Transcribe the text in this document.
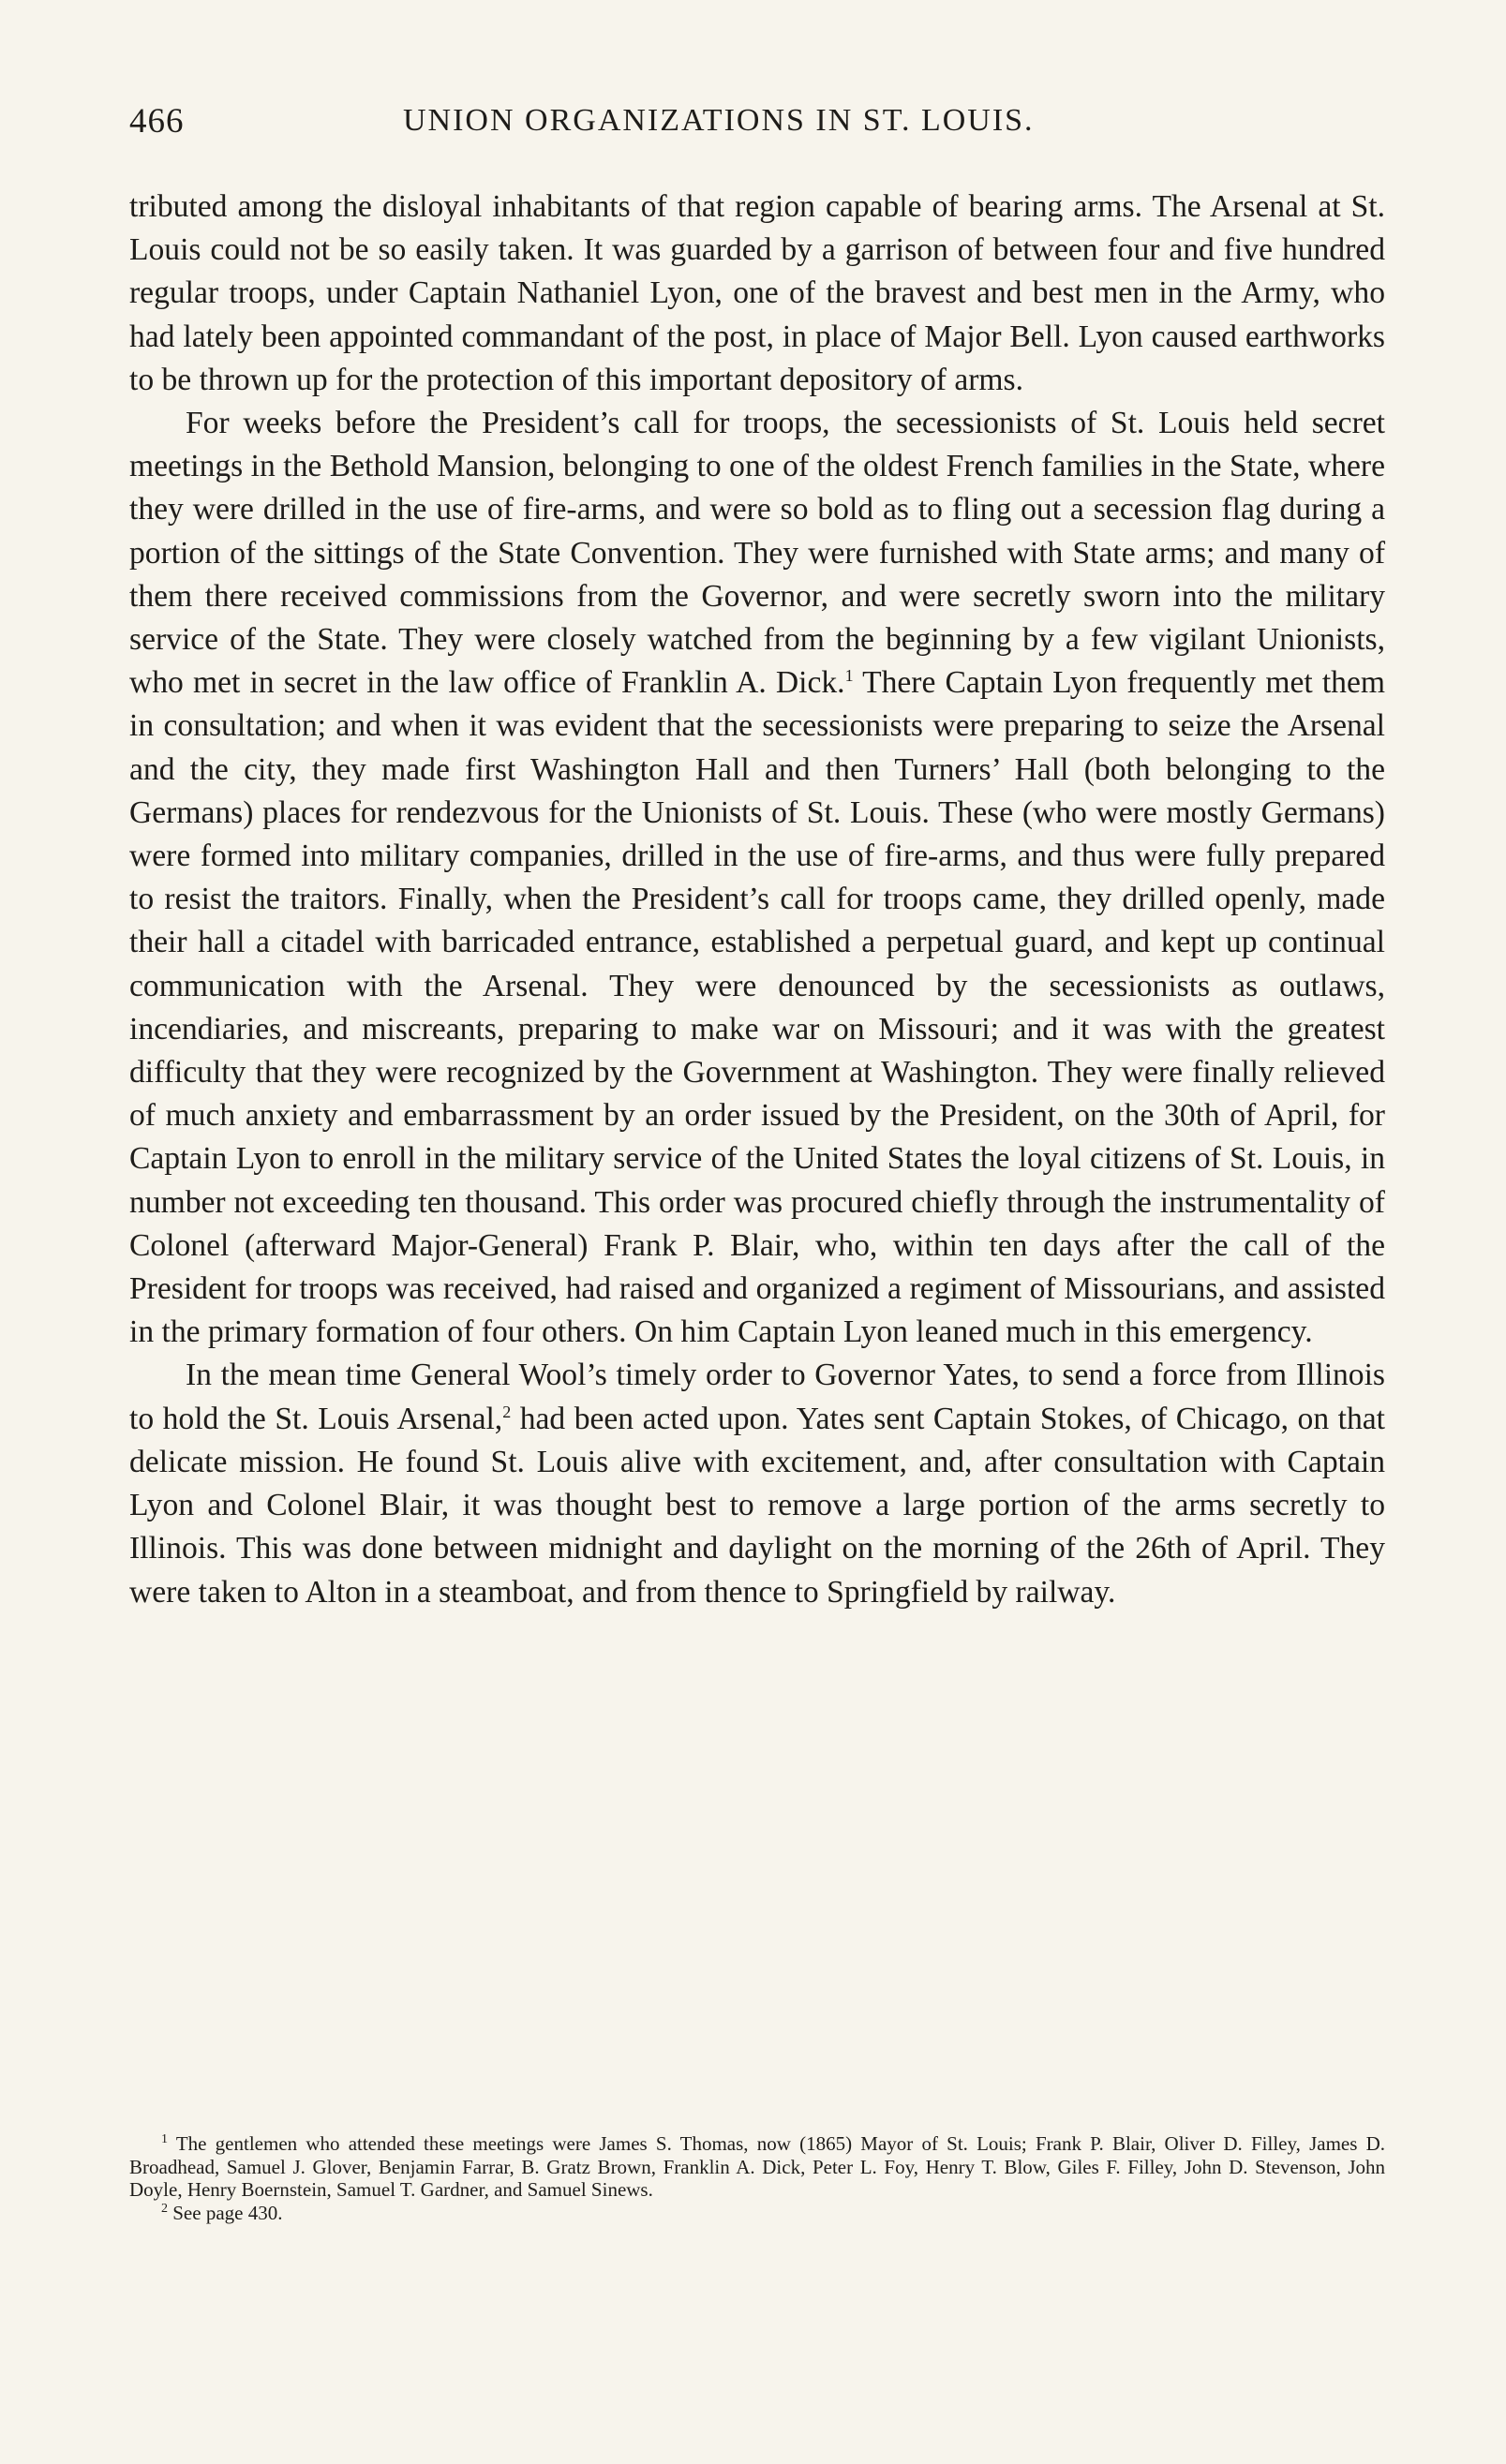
466	UNION ORGANIZATIONS IN ST. LOUIS.

tributed among the disloyal inhabitants of that region capable of bearing arms. The Arsenal at St. Louis could not be so easily taken. It was guarded by a garrison of between four and five hundred regular troops, under Captain Nathaniel Lyon, one of the bravest and best men in the Army, who had lately been appointed commandant of the post, in place of Major Bell. Lyon caused earthworks to be thrown up for the protection of this important depository of arms.

For weeks before the President’s call for troops, the secessionists of St. Louis held secret meetings in the Bethold Mansion, belonging to one of the oldest French families in the State, where they were drilled in the use of fire-arms, and were so bold as to fling out a secession flag during a portion of the sittings of the State Convention. They were furnished with State arms; and many of them there received commissions from the Governor, and were secretly sworn into the military service of the State. They were closely watched from the beginning by a few vigilant Unionists, who met in secret in the law office of Franklin A. Dick.$^1$ There Captain Lyon frequently met them in consultation; and when it was evident that the secessionists were preparing to seize the Arsenal and the city, they made first Washington Hall and then Turners’ Hall (both belonging to the Germans) places for rendezvous for the Unionists of St. Louis. These (who were mostly Germans) were formed into military companies, drilled in the use of fire-arms, and thus were fully prepared to resist the traitors. Finally, when the President’s call for troops came, they drilled openly, made their hall a citadel with barricaded entrance, established a perpetual guard, and kept up continual communication with the Arsenal. They were denounced by the secessionists as outlaws, incendiaries, and miscreants, preparing to make war on Missouri; and it was with the greatest difficulty that they were recognized by the Government at Washington. They were finally relieved of much anxiety and embarrassment by an order issued by the President, on the 30th of April, for Captain Lyon to enroll in the military service of the United States the loyal citizens of St. Louis, in number not exceeding ten thousand. This order was procured chiefly through the instrumentality of Colonel (afterward Major-General) Frank P. Blair, who, within ten days after the call of the President for troops was received, had raised and organized a regiment of Missourians, and assisted in the primary formation of four others. On him Captain Lyon leaned much in this emergency.

In the mean time General Wool’s timely order to Governor Yates, to send a force from Illinois to hold the St. Louis Arsenal,$^2$ had been acted upon. Yates sent Captain Stokes, of Chicago, on that delicate mission. He found St. Louis alive with excitement, and, after consultation with Captain Lyon and Colonel Blair, it was thought best to remove a large portion of the arms secretly to Illinois. This was done between midnight and daylight on the morning of the 26th of April. They were taken to Alton in a steamboat, and from thence to Springfield by railway.

$^1$ The gentlemen who attended these meetings were James S. Thomas, now (1865) Mayor of St. Louis; Frank P. Blair, Oliver D. Filley, James D. Broadhead, Samuel J. Glover, Benjamin Farrar, B. Gratz Brown, Franklin A. Dick, Peter L. Foy, Henry T. Blow, Giles F. Filley, John D. Stevenson, John Doyle, Henry Boernstein, Samuel T. Gardner, and Samuel Sinews.

$^2$ See page 430.
